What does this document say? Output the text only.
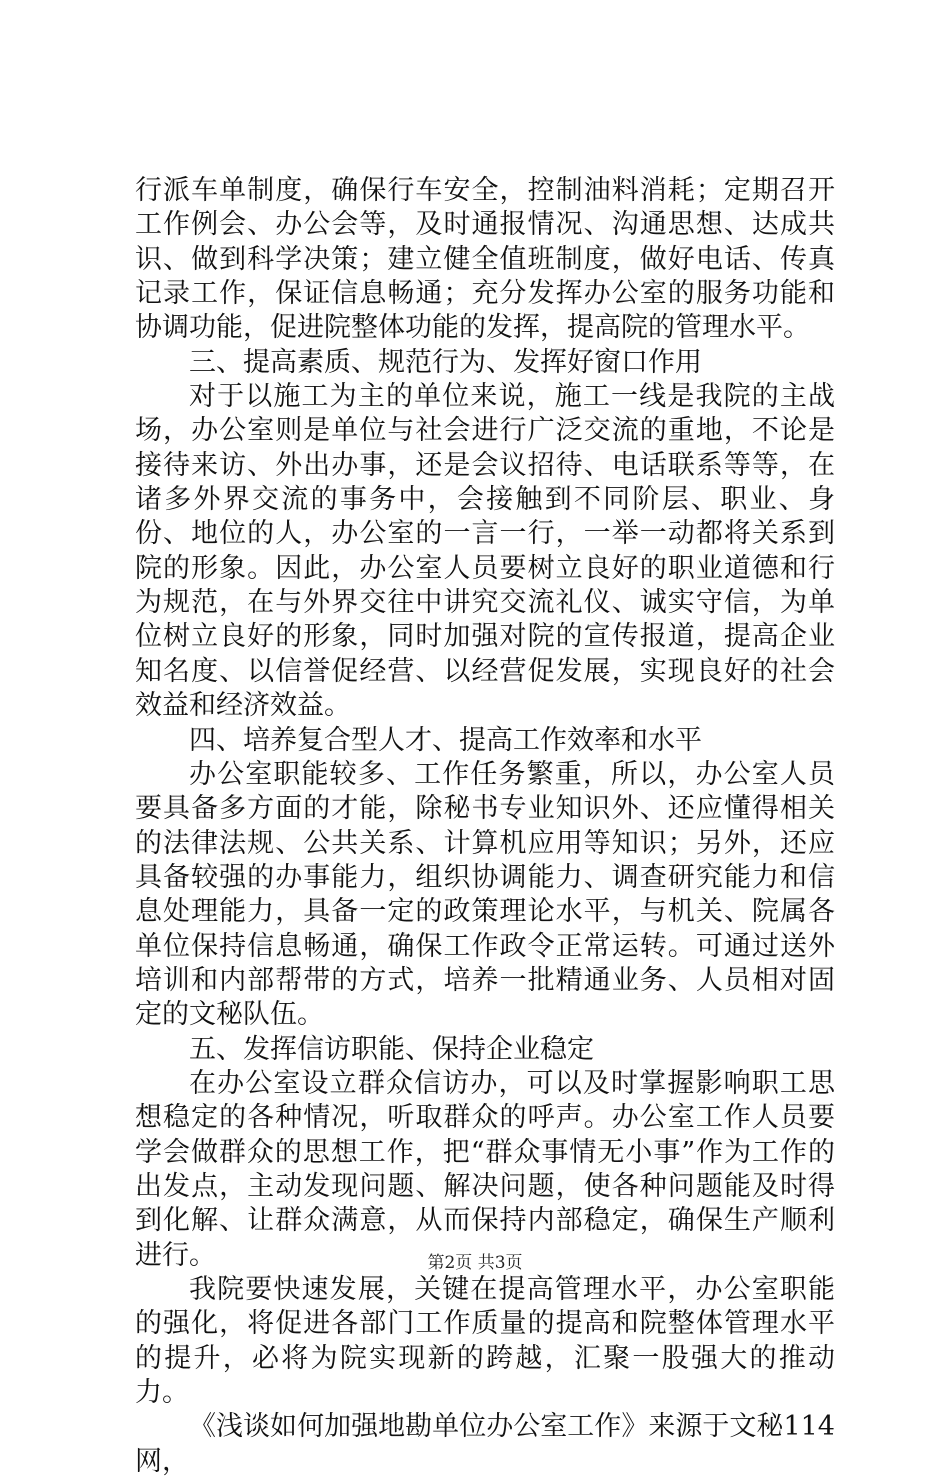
行派车单制度，确保行车安全，控制油料消耗；定期召开工作例会、办公会等，及时通报情况、沟通思想、达成共识、做到科学决策；建立健全值班制度，做好电话、传真记录工作，保证信息畅通；充分发挥办公室的服务功能和协调功能，促进院整体功能的发挥，提高院的管理水平。

三、提高素质、规范行为、发挥好窗口作用

对于以施工为主的单位来说，施工一线是我院的主战场，办公室则是单位与社会进行广泛交流的重地，不论是接待来访、外出办事，还是会议招待、电话联系等等，在诸多外界交流的事务中，会接触到不同阶层、职业、身份、地位的人，办公室的一言一行，一举一动都将关系到院的形象。因此，办公室人员要树立良好的职业道德和行为规范，在与外界交往中讲究交流礼仪、诚实守信，为单位树立良好的形象，同时加强对院的宣传报道，提高企业知名度、以信誉促经营、以经营促发展，实现良好的社会效益和经济效益。

四、培养复合型人才、提高工作效率和水平

办公室职能较多、工作任务繁重，所以，办公室人员要具备多方面的才能，除秘书专业知识外、还应懂得相关的法律法规、公共关系、计算机应用等知识；另外，还应具备较强的办事能力，组织协调能力、调查研究能力和信息处理能力，具备一定的政策理论水平，与机关、院属各单位保持信息畅通，确保工作政令正常运转。可通过送外培训和内部帮带的方式，培养一批精通业务、人员相对固定的文秘队伍。

五、发挥信访职能、保持企业稳定

在办公室设立群众信访办，可以及时掌握影响职工思想稳定的各种情况，听取群众的呼声。办公室工作人员要学会做群众的思想工作，把“群众事情无小事”作为工作的出发点，主动发现问题、解决问题，使各种问题能及时得到化解、让群众满意，从而保持内部稳定，确保生产顺利进行。

我院要快速发展，关键在提高管理水平，办公室职能的强化，将促进各部门工作质量的提高和院整体管理水平的提升，必将为院实现新的跨越，汇聚一股强大的推动力。

《浅谈如何加强地勘单位办公室工作》来源于文秘114网，

第2页 共3页
